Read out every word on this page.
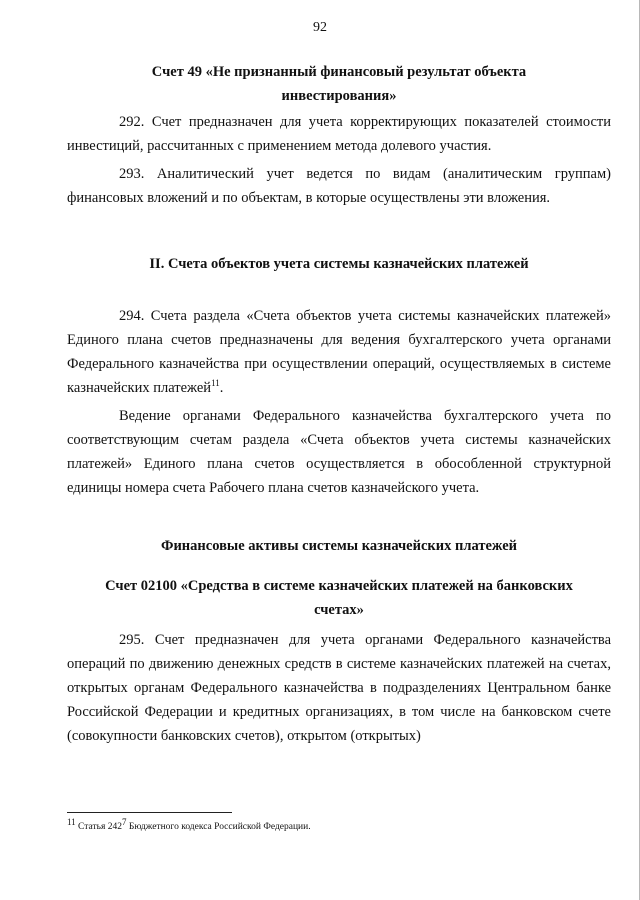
92
Счет 49 «Не признанный финансовый результат объекта
инвестирования»

292. Счет предназначен для учета корректирующих показателей стоимости инвестиций, рассчитанных с применением метода долевого участия.

293. Аналитический учет ведется по видам (аналитическим группам) финансовых вложений и по объектам, в которые осуществлены эти вложения.

II. Счета объектов учета системы казначейских платежей

294. Счета раздела «Счета объектов учета системы казначейских платежей» Единого плана счетов предназначены для ведения бухгалтерского учета органами Федерального казначейства при осуществлении операций, осуществляемых в системе казначейских платежей$^{11}$.

Ведение органами Федерального казначейства бухгалтерского учета по соответствующим счетам раздела «Счета объектов учета системы казначейских платежей» Единого плана счетов осуществляется в обособленной структурной единицы номера счета Рабочего плана счетов казначейского учета.

Финансовые активы системы казначейских платежей
Счет 02100 «Средства в системе казначейских платежей на банковских
счетах»

295. Счет предназначен для учета органами Федерального казначейства операций по движению денежных средств в системе казначейских платежей на счетах, открытых органам Федерального казначейства в подразделениях Центральном банке Российской Федерации и кредитных организациях, в том числе на банковском счете (совокупности банковских счетов), открытом (открытых)

$^{11}$ Статья $242^7$ Бюджетного кодекса Российской Федерации.
